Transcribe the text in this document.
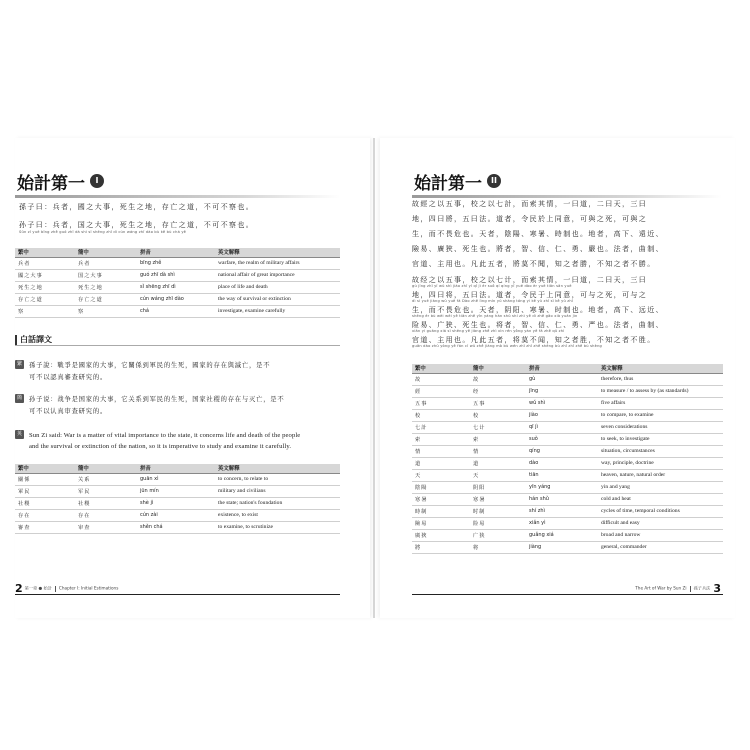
始計第一	I
孫子曰：兵者，國之大事，死生之地，存亡之道，不可不察也。
孙子曰：兵者，国之大事，死生之地，存亡之道，不可不察也。
Sūn zǐ yuē bīng zhě guó zhī dà shì sǐ shēng zhī dì cún wáng zhī dào bù kě bù chá yě
繁中	簡中	拼音	英文解釋
兵者	兵者	bīng zhě	warfare, the realm of military affairs
國之大事	国之大事	guó zhī dà shì	national affair of great importance
死生之地	死生之地	sǐ shēng zhī dì	place of life and death
存亡之道	存亡之道	cún wáng zhī dào	the way of survival or extinction
察	察	chá	investigate, examine carefully
白話譯文
繁	孫子說：戰爭是國家的大事，它關係到軍民的生死，國家的存在與滅亡，是不
可不以認真審查研究的。

簡	孙子说：战争是国家的大事，它关系到军民的生死，国家社稷的存在与灭亡，是不
可不以认真审查研究的。

英	Sun Zi said: War is a matter of vital importance to the state, it concerns life and death of the people
and the survival or extinction of the nation, so it is imperative to study and examine it carefully.

繁中	簡中	拼音	英文解釋
關係	关系	guān xì	to concern, to relate to
軍民	军民	jūn mín	military and civilians
社稷	社稷	shè jì	the state; nation's foundation
存在	存在	cún zài	existence, to exist
審查	审查	shěn chá	to examine, to scrutinize
2 第一章 ● 始計 Chapter I: Initial Estimations
始計第一	II
故經之以五事，校之以七計，而索其情，一曰道，二曰天，三曰
地，四曰將，五曰法。道者，令民於上同意，可與之死，可與之
生，而不畏危也。天者，陰陽、寒暑、時制也。地者，高下、遠近、
險易、廣狹、死生也。將者，智、信、仁、勇、嚴也。法者，曲制、
官道、主用也。凡此五者，將莫不聞，知之者勝，不知之者不勝。
故经之以五事，校之以七计，而索其情，一曰道，二曰天，三曰
gù jīng zhī yǐ wǔ shì jiào zhī yǐ qī jì ér suǒ qí qíng yī yuē dào èr yuē tiān sān yuē
地，四曰将，五曰法。道者，令民于上同意，可与之死，可与之
dì sì yuē jiàng wǔ yuē fǎ Dào zhě lìng mín yǔ shàng tóng yì kě yǔ zhī sǐ kě yǔ zhī
生，而不畏危也。天者，阴阳、寒暑、时制也。地者，高下、远近、
shēng ér bù wèi wēi yě tiān zhě yīn yáng hán shǔ shí zhì yě dì zhě gāo xià yuǎn jìn
险易、广狭、死生也。将者，智、信、仁、勇、严也。法者，曲制、
xiǎn yì guǎng xiá sǐ shēng yě jiàng zhě zhì xìn rén yǒng yán yě fǎ zhě qū zhì
官道、主用也。凡此五者，将莫不闻，知之者胜，不知之者不胜。
guān dào zhǔ yòng yě fán cǐ wǔ zhě jiàng mò bù wén zhī zhī zhě shèng bù zhī zhī zhě bù shèng
繁中	簡中	拼音	英文解釋
故	故	gù	therefore, thus
經	经	jīng	to measure / to assess by (as standards)
五事	五事	wǔ shì	five affairs
校	校	jiào	to compare, to examine
七計	七计	qī jì	seven considerations
索	索	suǒ	to seek, to investigate
情	情	qíng	situation, circumstances
道	道	dào	way, principle, doctrine
天	天	tiān	heaven, nature, natural order
陰陽	阴阳	yīn yáng	yin and yang
寒暑	寒暑	hán shǔ	cold and heat
時制	时制	shí zhì	cycles of time, temporal conditions
險易	险易	xiǎn yì	difficult and easy
廣狹	广狭	guǎng xiá	broad and narrow
將	将	jiàng	general, commander
The Art of War by Sun Zi 孫子兵法 3
